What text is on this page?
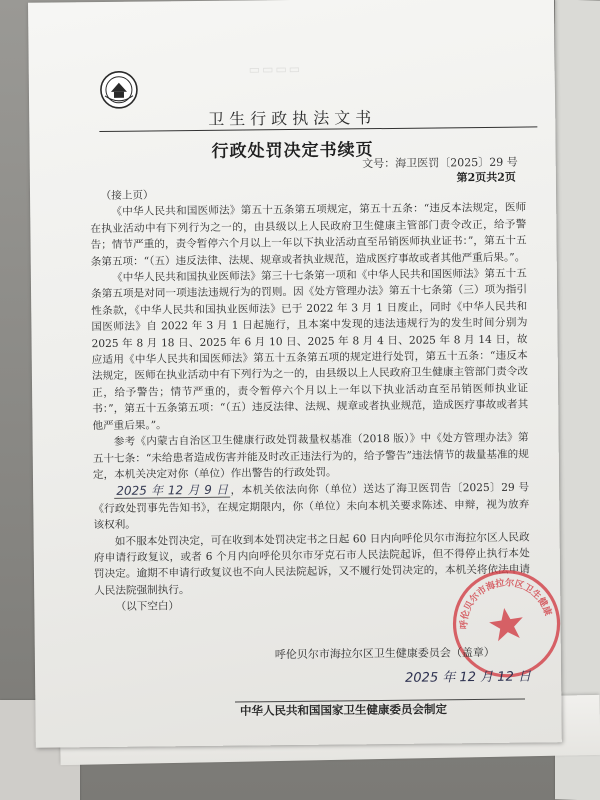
▭▭▭▭
卫生行政执法文书
行政处罚决定书续页
文号：海卫医罚〔2025〕29 号
第2页共2页

（接上页）

《中华人民共和国医师法》第五十五条第五项规定，第五十五条：“违反本法规定，医师在执业活动中有下列行为之一的，由县级以上人民政府卫生健康主管部门责令改正，给予警告；情节严重的，责令暂停六个月以上一年以下执业活动直至吊销医师执业证书：”，第五十五条第五项：“（五）违反法律、法规、规章或者执业规范，造成医疗事故或者其他严重后果。”。

《中华人民共和国执业医师法》第三十七条第一项和《中华人民共和国医师法》第五十五条第五项是对同一项违法违规行为的罚则。因《处方管理办法》第五十七条第（三）项为指引性条款，《中华人民共和国执业医师法》已于 2022 年 3 月 1 日废止，同时《中华人民共和国医师法》自 2022 年 3 月 1 日起施行，且本案中发现的违法违规行为的发生时间分别为 2025 年 8 月 18 日、2025 年 6 月 10 日、2025 年 8 月 4 日、2025 年 8 月 14 日，故应适用《中华人民共和国医师法》第五十五条第五项的规定进行处罚，第五十五条：“违反本法规定，医师在执业活动中有下列行为之一的，由县级以上人民政府卫生健康主管部门责令改正，给予警告；情节严重的，责令暂停六个月以上一年以下执业活动直至吊销医师执业证书：”，第五十五条第五项：“（五）违反法律、法规、规章或者执业规范，造成医疗事故或者其他严重后果。”。

参考《内蒙古自治区卫生健康行政处罚裁量权基准（2018 版）》中《处方管理办法》第五十七条：“未给患者造成伤害并能及时改正违法行为的，给予警告”违法情节的裁量基准的规定，本机关决定对你（单位）作出警告的行政处罚。

2025 年 12 月 9 日 ，本机关依法向你（单位）送达了海卫医罚告〔2025〕29 号《行政处罚事先告知书》，在规定期限内，你（单位）未向本机关要求陈述、申辩，视为放弃该权利。

如不服本处罚决定，可在收到本处罚决定书之日起 60 日内向呼伦贝尔市海拉尔区人民政府申请行政复议，或者 6 个月内向呼伦贝尔市牙克石市人民法院起诉，但不得停止执行本处罚决定。逾期不申请行政复议也不向人民法院起诉，又不履行处罚决定的，本机关将依法申请人民法院强制执行。

（以下空白）

呼伦贝尔市海拉尔区卫生健康委员会行政执法专用章
呼伦贝尔市海拉尔区卫生健康委员会（盖章）
2025 年 12 月 12 日
中华人民共和国国家卫生健康委员会制定
